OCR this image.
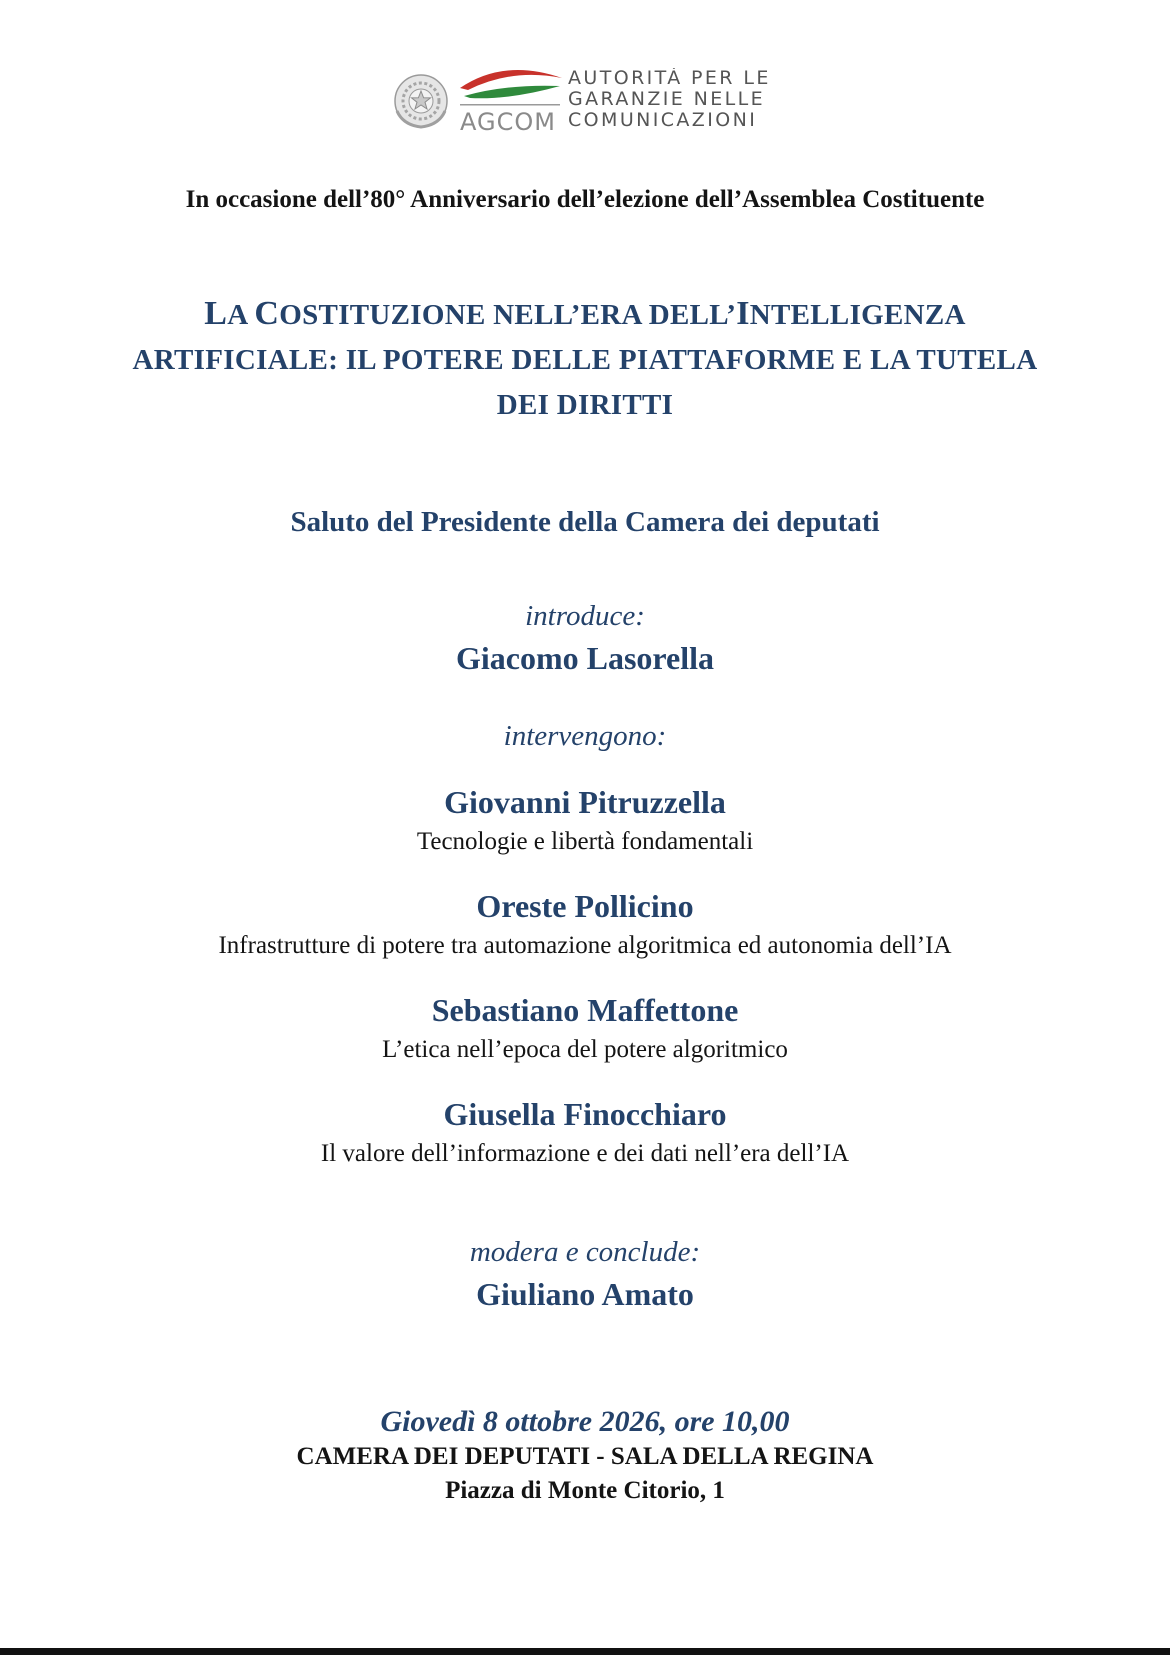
AGCOM
AUTORITÀ PER LE
GARANZIE NELLE
COMUNICAZIONI
In occasione dell’80° Anniversario dell’elezione dell’Assemblea Costituente
LA COSTITUZIONE NELL’ERA DELL’INTELLIGENZA
ARTIFICIALE: IL POTERE DELLE PIATTAFORME E LA TUTELA
DEI DIRITTI
Saluto del Presidente della Camera dei deputati
introduce:
Giacomo Lasorella
intervengono:
Giovanni Pitruzzella
Tecnologie e libertà fondamentali
Oreste Pollicino
Infrastrutture di potere tra automazione algoritmica ed autonomia dell’IA
Sebastiano Maffettone
L’etica nell’epoca del potere algoritmico
Giusella Finocchiaro
Il valore dell’informazione e dei dati nell’era dell’IA
modera e conclude:
Giuliano Amato
Giovedì 8 ottobre 2026, ore 10,00
CAMERA DEI DEPUTATI - SALA DELLA REGINA
Piazza di Monte Citorio, 1
